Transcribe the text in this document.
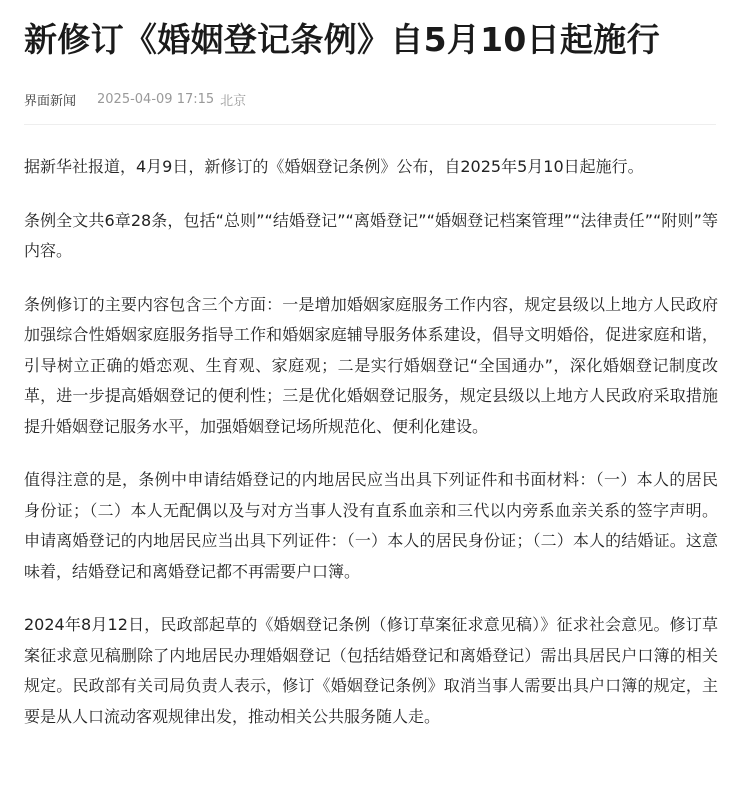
新修订《婚姻登记条例》自5月10日起施行
界面新闻 2025-04-09 17:15 北京

据新华社报道，4月9日，新修订的《婚姻登记条例》公布，自2025年5月10日起施行。

条例全文共6章28条，包括“总则”“结婚登记”“离婚登记”“婚姻登记档案管理”“法律责任”“附则”等内容。

条例修订的主要内容包含三个方面：一是增加婚姻家庭服务工作内容，规定县级以上地方人民政府加强综合性婚姻家庭服务指导工作和婚姻家庭辅导服务体系建设，倡导文明婚俗，促进家庭和谐，引导树立正确的婚恋观、生育观、家庭观；二是实行婚姻登记“全国通办”，深化婚姻登记制度改革，进一步提高婚姻登记的便利性；三是优化婚姻登记服务，规定县级以上地方人民政府采取措施提升婚姻登记服务水平，加强婚姻登记场所规范化、便利化建设。

值得注意的是，条例中申请结婚登记的内地居民应当出具下列证件和书面材料：（一）本人的居民身份证；（二）本人无配偶以及与对方当事人没有直系血亲和三代以内旁系血亲关系的签字声明。申请离婚登记的内地居民应当出具下列证件：（一）本人的居民身份证；（二）本人的结婚证。这意味着，结婚登记和离婚登记都不再需要户口簿。

2024年8月12日，民政部起草的《婚姻登记条例（修订草案征求意见稿）》征求社会意见。修订草案征求意见稿删除了内地居民办理婚姻登记（包括结婚登记和离婚登记）需出具居民户口簿的相关规定。民政部有关司局负责人表示，修订《婚姻登记条例》取消当事人需要出具户口簿的规定，主要是从人口流动客观规律出发，推动相关公共服务随人走。
